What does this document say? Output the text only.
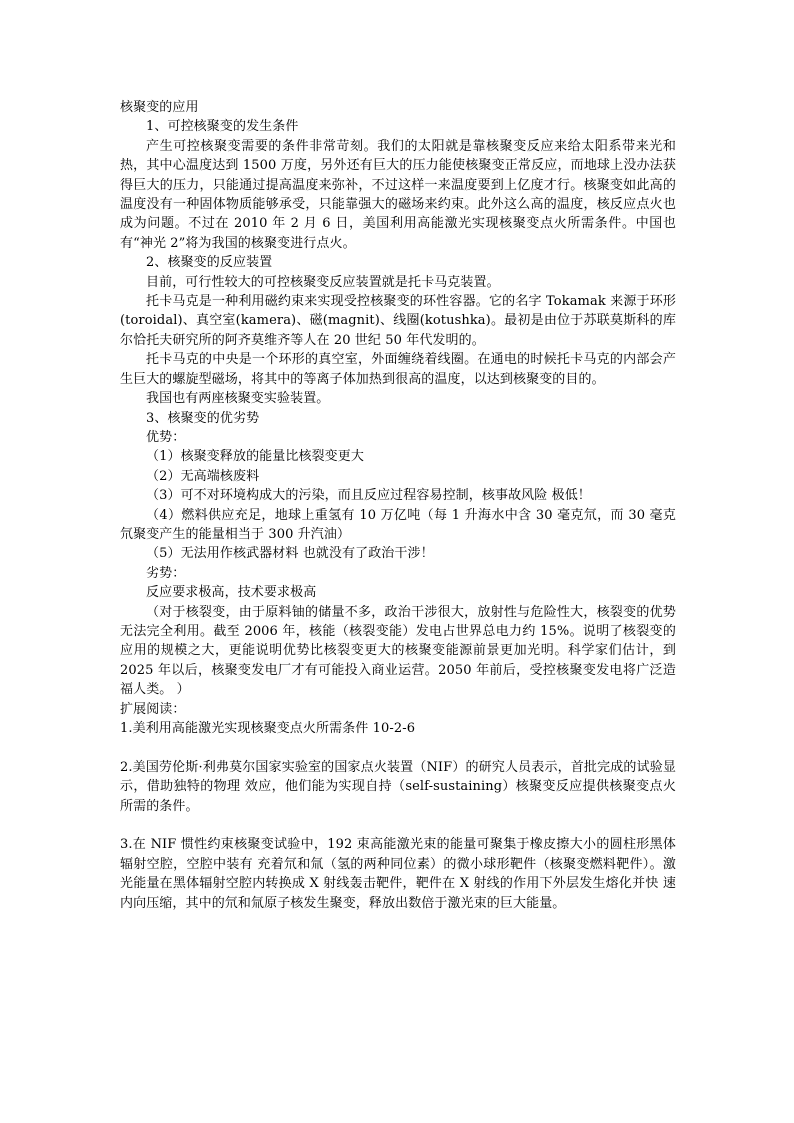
核聚变的应用

1、可控核聚变的发生条件

产生可控核聚变需要的条件非常苛刻。我们的太阳就是靠核聚变反应来给太阳系带来光和热，其中心温度达到 1500 万度，另外还有巨大的压力能使核聚变正常反应，而地球上没办法获得巨大的压力，只能通过提高温度来弥补，不过这样一来温度要到上亿度才行。核聚变如此高的温度没有一种固体物质能够承受，只能靠强大的磁场来约束。此外这么高的温度，核反应点火也成为问题。不过在 2010 年 2 月 6 日，美国利用高能激光实现核聚变点火所需条件。中国也有“神光 2”将为我国的核聚变进行点火。

2、核聚变的反应装置

目前，可行性较大的可控核聚变反应装置就是托卡马克装置。

托卡马克是一种利用磁约束来实现受控核聚变的环性容器。它的名字 Tokamak 来源于环形(toroidal)、真空室(kamera)、磁(magnit)、线圈(kotushka)。最初是由位于苏联莫斯科的库尔恰托夫研究所的阿齐莫维齐等人在 20 世纪 50 年代发明的。

托卡马克的中央是一个环形的真空室，外面缠绕着线圈。在通电的时候托卡马克的内部会产生巨大的螺旋型磁场，将其中的等离子体加热到很高的温度，以达到核聚变的目的。

我国也有两座核聚变实验装置。

3、核聚变的优劣势

优势：

（1）核聚变释放的能量比核裂变更大

（2）无高端核废料

（3）可不对环境构成大的污染，而且反应过程容易控制，核事故风险 极低！

（4）燃料供应充足，地球上重氢有 10 万亿吨（每 1 升海水中含 30 毫克氘，而 30 毫克氘聚变产生的能量相当于 300 升汽油）

（5）无法用作核武器材料 也就没有了政治干涉！

劣势：

反应要求极高，技术要求极高

（对于核裂变，由于原料铀的储量不多，政治干涉很大，放射性与危险性大，核裂变的优势无法完全利用。截至 2006 年，核能（核裂变能）发电占世界总电力约 15%。说明了核裂变的应用的规模之大，更能说明优势比核裂变更大的核聚变能源前景更加光明。科学家们估计，到 2025 年以后，核聚变发电厂才有可能投入商业运营。2050 年前后，受控核聚变发电将广泛造福人类。 ）

扩展阅读：

1.美利用高能激光实现核聚变点火所需条件 10-2-6

2.美国劳伦斯·利弗莫尔国家实验室的国家点火装置（NIF）的研究人员表示，首批完成的试验显示，借助独特的物理 效应，他们能为实现自持（self-sustaining）核聚变反应提供核聚变点火所需的条件。

3.在 NIF 惯性约束核聚变试验中，192 束高能激光束的能量可聚集于橡皮擦大小的圆柱形黑体辐射空腔，空腔中装有 充着氘和氚（氢的两种同位素）的微小球形靶件（核聚变燃料靶件）。激光能量在黑体辐射空腔内转换成 X 射线轰击靶件，靶件在 X 射线的作用下外层发生熔化并快 速内向压缩，其中的氘和氚原子核发生聚变，释放出数倍于激光束的巨大能量。
